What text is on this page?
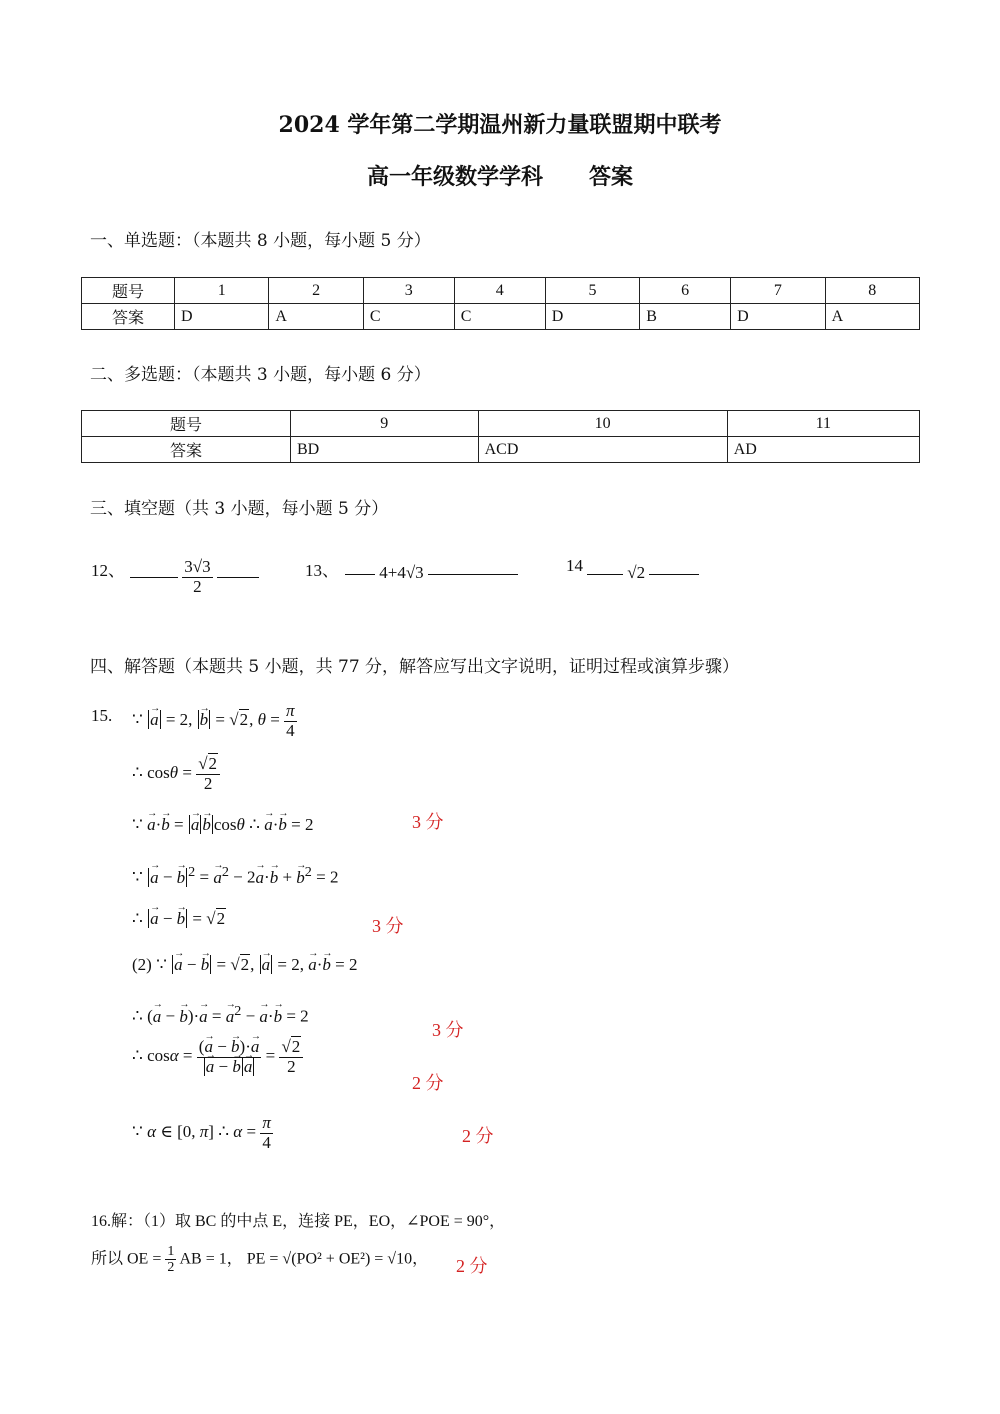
2024 学年第二学期温州新力量联盟期中联考
高一年级数学学科      答案
一、单选题：（本题共 8 小题，每小题 5 分）
题号	1	2	3	4	5	6	7	8
答案	D	A	C	C	D	B	D	A
二、多选题：（本题共 3 小题，每小题 6 分）
题号	9	10	11
答案	BD	ACD	AD
三、填空题（共 3 小题，每小题 5 分）
12、
	$\frac{3√3}{2}$
	13、	4+4√3	14	√2
四、解答题（本题共 5 小题，共 77 分，解答应写出文字说明，证明过程或演算步骤）
15. ∵ → a = 2, → b = √2, $\theta = \frac{\pi}{4}$
∴ $\cos\theta = \frac{√2}{2}$
∵ → a·→ b = → a → b cosθ ∴ → a·→ b = 2	3 分
∵ → a − → b $^2$ = → $a^2 - 2\to a\cdot\to b$ + → $b^2 = 2$
∴ → a − → b = √2	3 分
(2) ∵ → a − → b = √2, → a = 2, → a·→ b = 2
∴ (→ a − → b)·→ a = → $a^2$ − → a·→ b = 2
3 分
∴ cosα = (→ a − → b)·→ a
→ a − → $b \to a = \frac{√2}{2}$
2 分
∵ α ∈ [0, π] ∴ $\alpha = \frac{\pi}{4}$	2 分
16.解：（1）取 BC 的中点 E，连接 PE，EO，∠POE = 90°，
所以 OE = $\frac{1}{2}$ AB = 1， PE = √(PO² + OE²) = √10， 2 分
